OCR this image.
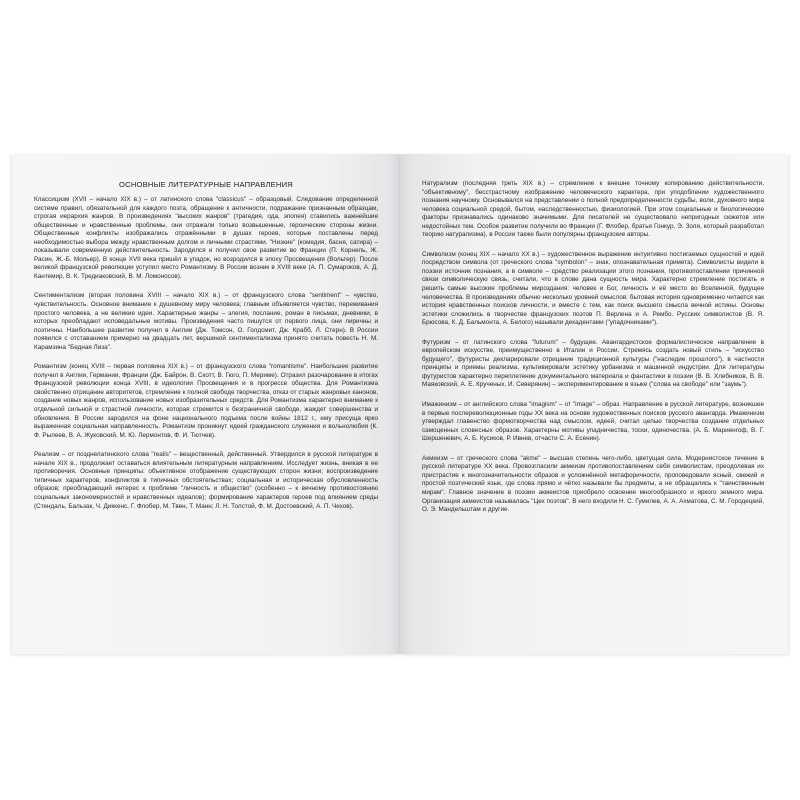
ОСНОВНЫЕ ЛИТЕРАТУРНЫЕ НАПРАВЛЕНИЯ

Классицизм (XVII – начало XIX в.) – от латинского слова "classicus" – образцовый. Следование определенной системе правил, обязательной для каждого поэта, обращение к античности, подражание признанным образцам, строгая иерархия жанров. В произведениях "высоких жанров" (трагедия, ода, эпопея) ставились важнейшие общественные и нравственные проблемы, они отражали только возвышенные, героические стороны жизни. Общественные конфликты изображались отражёнными в душах героев, которые поставлены перед необходимостью выбора между нравственным долгом и личными страстями. "Низкие" (комедия, басня, сатира) – показывали современную действительность. Зародился и получил свое развитие во Франции (П. Корнель, Ж. Расин, Ж.-Б. Мольер). В конце XVII века пришёл в упадок, но возродился в эпоху Просвещения (Вольтер). После великой французской революции уступил место Романтизму. В России возник в XVIII веке (А. П. Сумароков, А. Д. Кантемир, В. К. Тредиаковский, В. М. Ломоносов).

Сентиментализм (вторая половина XVIII – начало XIX в.) – от французского слова "sentiment" – чувство, чувствительность. Основное внимание к душевному миру человека; главным объявляется чувство, переживания простого человека, а не великие идеи. Характерные жанры – элегия, послание, роман в письмах, дневники, в которых преобладают исповедальные мотивы. Произведения часто пишутся от первого лица, они лиричны и поэтичны. Наибольшее развитие получил в Англии (Дж. Томсон, О. Голдсмит, Дж. Крабб, Л. Стерн). В России появился с отставанием примерно на двадцать лет, вершиной сентиментализма принято считать повесть Н. М. Карамзина "Бедная Лиза".

Романтизм (конец XVIII – первая половина XIX в.) – от французского слова "romantisme". Наибольшее развитие получил в Англии, Германии, Франции (Дж. Байрон, В. Скотт, В. Гюго, П. Мериме). Отразил разочарование в итогах Французской революции конца XVIII, в идеологии Просвещения и в прогрессе общества. Для Романтизма свойственно отрицание авторитетов, стремление к полной свободе творчества, отказ от старых жанровых канонов, создание новых жанров, использование новых изобразительных средств. Для Романтизма характерно внимание к отдельной сильной и страстной личности, которая стремится к безграничной свободе, жаждет совершенства и обновления. В России зародился на фоне национального подъема после войны 1812 г., ему присуща ярко выраженная социальная направленность. Романтизм проникнут идеей гражданского служения и вольнолюбия (К. Ф. Рылеев, В. А. Жуковский, М. Ю. Лермонтов, Ф. И. Тютчев).

Реализм – от позднелатинского слова "realis" – вещественный, действенный. Утвердился в русской литературе в начале XIX в., продолжает оставаться влиятельным литературным направлением. Исследует жизнь, вникая в ее противоречия. Основные принципы: объективное отображение существующих сторон жизни; воспроизведение типичных характеров, конфликтов в типичных обстоятельствах; социальная и историческая обусловленность образов; преобладающий интерес к проблеме "личность и общество" (особенно – к вечному противостоянию социальных закономерностей и нравственных идеалов); формирование характеров героев под влиянием среды (Стендаль, Бальзак, Ч. Диккенс, Г. Флобер, М. Твен, Т. Манн; Л. Н. Толстой, Ф. М. Достоевский, А. П. Чехов).

Натурализм (последняя треть XIX в.) – стремление к внешне точному копированию действительности, "объективному", бесстрастному изображению человеческого характера, при уподоблении художественного познания научному. Основывался на представлении о полной предопределенности судьбы, воли, духовного мира человека социальной средой, бытом, наследственностью, физиологией. При этом социальные и биологические факторы признавались одинаково значимыми. Для писателей не существовало непригодных сюжетов или недостойных тем. Особое развитие получили во Франции (Г. Флобер, братья Гонкур, Э. Золя, который разработал теорию натурализма), в России также были популярны французские авторы.

Символизм (конец XIX – начало XX в.) – художественное выражение интуитивно постигаемых сущностей и идей посредством символа (от греческого слова "symbolon" – знак, опознавательная примета). Символисты видели в поэзии источник познания, а в символе – средство реализации этого познания, противопоставлении причинной связи символическую связь, считали, что в слове дана сущность мира. Характерно стремление постигать и решить самые высокие проблемы мироздания: человек и Бог, личность и её место во Вселенной, будущее человечества. В произведениях обычно несколько уровней смыслов: бытовая история одновременно читается как история нравственных поисков личности, и вместе с тем, как поиск высшего смысла вечной истины. Основы эстетики сложились в творчестве французских поэтов П. Верлена и А. Рембо. Русских символистов (В. Я. Брюсова, К. Д. Бальмонта, А. Белого) называли декадентами ("упадочниками").

Футуризм – от латинского слова "futurum" – будущее. Авангардистское формалистическое направление в европейском искусстве, преимущественно в Италии и России. Стремясь создать новый стиль – "искусство будущего", футуристы декларировали отрицание традиционной культуры ("наследие прошлого"), в частности принципы и приемы реализма, культивировали эстетику урбанизма и машинной индустрии. Для литературы футуристов характерно переплетение документального материала и фантастики в поэзии (В. В. Хлебников, В. В. Маяковский, А. Е. Крученых, И. Северянин) – экспериментирование в языке ("слова на свободе" или "заумь").

Имажинизм – от английского слова "imagism" – от "image" – образ. Направление в русской литературе, возникшее в первые послереволюционные годы XX века на основе художественных поисков русского авангарда. Имажинизм утверждал главенство формотворчества над смыслом, идеей, считал целью творчества создание отдельных самоценных словесных образов. Характерны мотивы упадничества, тоски, одиночества. (А. Б. Мариенгоф, В. Г. Шершеневич, А. Б. Кусиков, Р. Ивнев, отчасти С. А. Есенин).

Акмеизм – от греческого слова "akme" – высшая степень чего-либо, цветущая сила. Модернистское течение в русской литературе XX века. Провозгласили акмеизм противопоставлением себя символистам, преодолевая их пристрастие к многозначительности образов и усложнённой метафоричности, проповедовали ясный, свежий и простой поэтический язык, где слова прямо и чётко называли бы предметы, а не обращались к "таинственным мирам". Главное значение в поэзии акмеистов приобрело освоение многообразного и яркого земного мира. Организация акмеистов называлась "Цех поэтов". В него входили Н. С. Гумилев, А. А. Ахматова, С. М. Городецкий, О. Э. Мандельштам и другие.
